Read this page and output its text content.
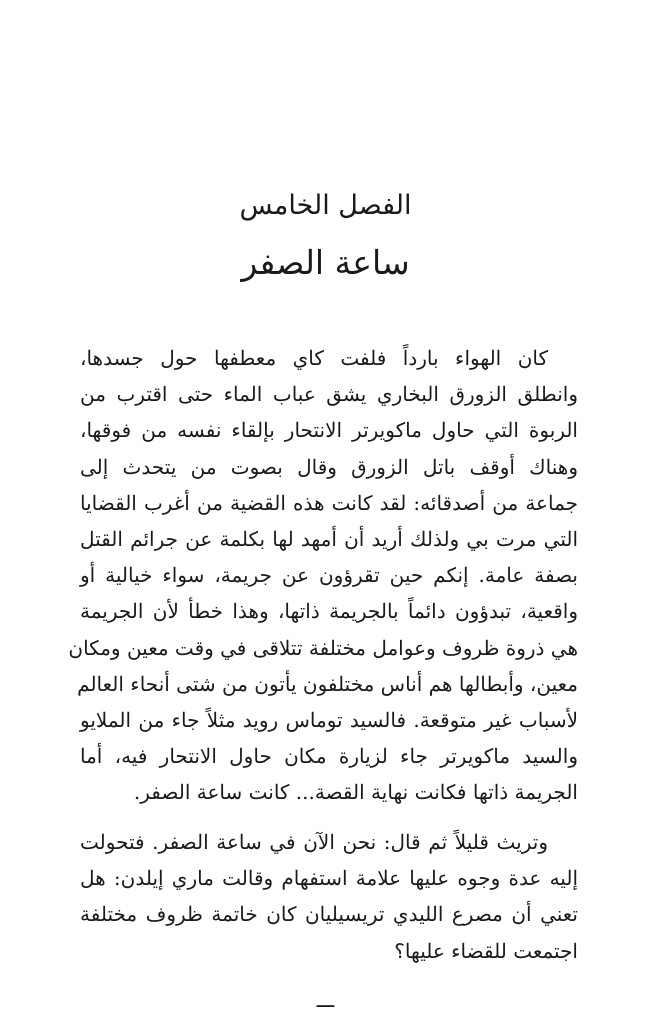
الفصل الخامس
ساعة الصفر
كان الهواء بارداً فلفت كاي معطفها حول جسدها،
وانطلق الزورق البخاري يشق عباب الماء حتى اقترب من
الربوة التي حاول ماكويرتر الانتحار بإلقاء نفسه من فوقها،
وهناك أوقف باتل الزورق وقال بصوت من يتحدث إلى
جماعة من أصدقائه: لقد كانت هذه القضية من أغرب القضايا
التي مرت بي ولذلك أريد أن أمهد لها بكلمة عن جرائم القتل
بصفة عامة. إنكم حين تقرؤون عن جريمة، سواء خيالية أو
واقعية، تبدؤون دائماً بالجريمة ذاتها، وهذا خطأ لأن الجريمة
هي ذروة ظروف وعوامل مختلفة تتلاقى في وقت معين ومكان
معين، وأبطالها هم أناس مختلفون يأتون من شتى أنحاء العالم
لأسباب غير متوقعة. فالسيد توماس رويد مثلاً جاء من الملايو
والسيد ماكويرتر جاء لزيارة مكان حاول الانتحار فيه، أما
الجريمة ذاتها فكانت نهاية القصة... كانت ساعة الصفر.
وتريث قليلاً ثم قال: نحن الآن في ساعة الصفر. فتحولت
إليه عدة وجوه عليها علامة استفهام وقالت ماري إيلدن: هل
تعني أن مصرع الليدي تريسيليان كان خاتمة ظروف مختلفة
اجتمعت للقضاء عليها؟
ـــ
